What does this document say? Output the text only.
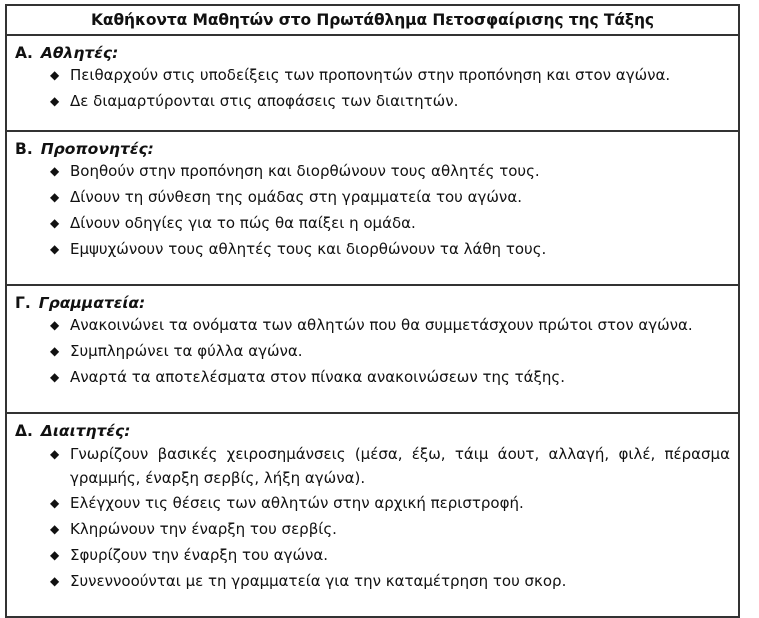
Καθήκοντα Μαθητών στο Πρωτάθλημα Πετοσφαίρισης της Τάξης
Α. Αθλητές:
◆ Πειθαρχούν στις υποδείξεις των προπονητών στην προπόνηση και στον αγώνα.
◆ Δε διαμαρτύρονται στις αποφάσεις των διαιτητών.
Β. Προπονητές:
◆ Βοηθούν στην προπόνηση και διορθώνουν τους αθλητές τους.
◆ Δίνουν τη σύνθεση της ομάδας στη γραμματεία του αγώνα.
◆ Δίνουν οδηγίες για το πώς θα παίξει η ομάδα.
◆ Εμψυχώνουν τους αθλητές τους και διορθώνουν τα λάθη τους.
Γ. Γραμματεία:
◆ Ανακοινώνει τα ονόματα των αθλητών που θα συμμετάσχουν πρώτοι στον αγώνα.
◆ Συμπληρώνει τα φύλλα αγώνα.
◆ Αναρτά τα αποτελέσματα στον πίνακα ανακοινώσεων της τάξης.
Δ. Διαιτητές:
◆ Γνωρίζουν βασικές χειροσημάνσεις (μέσα, έξω, τάιμ άουτ, αλλαγή, φιλέ, πέρασμα γραμμής, έναρξη σερβίς, λήξη αγώνα).
◆ Ελέγχουν τις θέσεις των αθλητών στην αρχική περιστροφή.
◆ Κληρώνουν την έναρξη του σερβίς.
◆ Σφυρίζουν την έναρξη του αγώνα.
◆ Συνεννοούνται με τη γραμματεία για την καταμέτρηση του σκορ.
